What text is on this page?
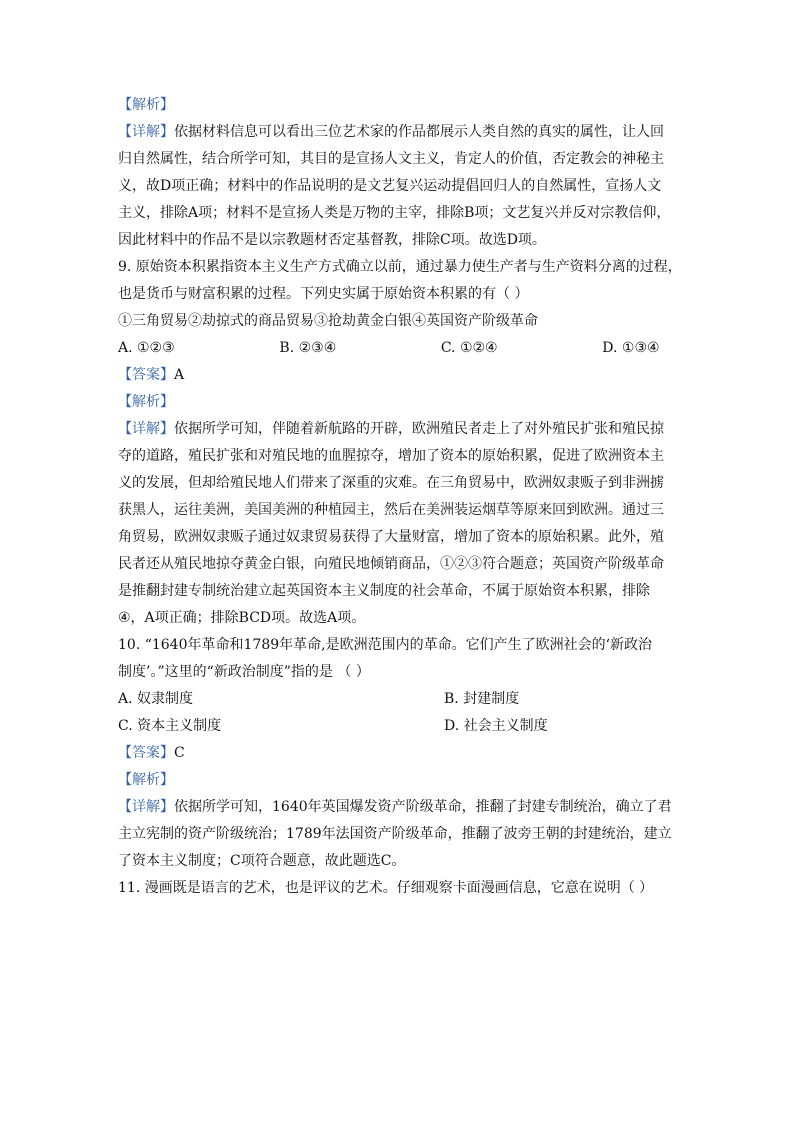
【解析】
【详解】依据材料信息可以看出三位艺术家的作品都展示人类自然的真实的属性，让人回
归自然属性，结合所学可知，其目的是宣扬人文主义，肯定人的价值，否定教会的神秘主
义，故D项正确；材料中的作品说明的是文艺复兴运动提倡回归人的自然属性，宣扬人文
主义，排除A项；材料不是宣扬人类是万物的主宰，排除B项；文艺复兴并反对宗教信仰，
因此材料中的作品不是以宗教题材否定基督教，排除C项。故选D项。
9. 原始资本积累指资本主义生产方式确立以前，通过暴力使生产者与生产资料分离的过程，
也是货币与财富积累的过程。下列史实属于原始资本积累的有（ ）
①三角贸易②劫掠式的商品贸易③抢劫黄金白银④英国资产阶级革命
A. ①②③	B. ②③④	C. ①②④	D. ①③④
【答案】A
【解析】
【详解】依据所学可知，伴随着新航路的开辟，欧洲殖民者走上了对外殖民扩张和殖民掠
夺的道路，殖民扩张和对殖民地的血腥掠夺，增加了资本的原始积累，促进了欧洲资本主
义的发展，但却给殖民地人们带来了深重的灾难。在三角贸易中，欧洲奴隶贩子到非洲掳
获黑人，运往美洲，美国美洲的种植园主，然后在美洲装运烟草等原来回到欧洲。通过三
角贸易，欧洲奴隶贩子通过奴隶贸易获得了大量财富，增加了资本的原始积累。此外，殖
民者还从殖民地掠夺黄金白银，向殖民地倾销商品，①②③符合题意；英国资产阶级革命
是推翻封建专制统治建立起英国资本主义制度的社会革命，不属于原始资本积累，排除
④，A项正确；排除BCD项。故选A项。
10. “1640年革命和1789年革命,是欧洲范围内的革命。它们产生了欧洲社会的‘新政治
制度’。”这里的“新政治制度”指的是 （ ）
A. 奴隶制度	B. 封建制度
C. 资本主义制度	D. 社会主义制度
【答案】C
【解析】
【详解】依据所学可知，1640年英国爆发资产阶级革命，推翻了封建专制统治，确立了君
主立宪制的资产阶级统治；1789年法国资产阶级革命，推翻了波旁王朝的封建统治，建立
了资本主义制度；C项符合题意，故此题选C。
11. 漫画既是语言的艺术，也是评议的艺术。仔细观察卡面漫画信息，它意在说明（ ）
